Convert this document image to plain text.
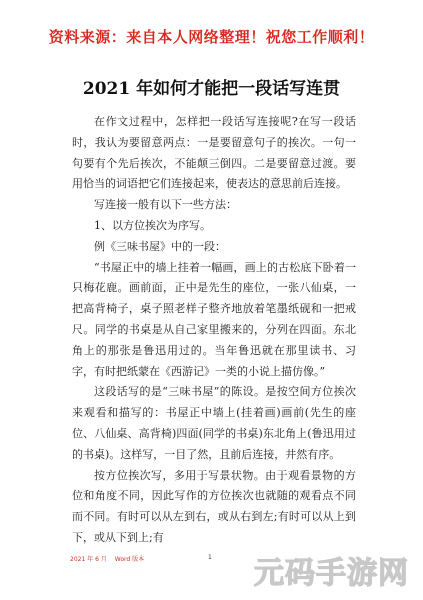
资料来源：来自本人网络整理！祝您工作顺利！
2021 年如何才能把一段话写连贯

在作文过程中，怎样把一段话写连接呢?在写一段话时，我认为要留意两点：一是要留意句子的挨次。一句一句要有个先后挨次，不能颠三倒四。二是要留意过渡。要用恰当的词语把它们连接起来，使表达的意思前后连接。

写连接一般有以下一些方法：

1、以方位挨次为序写。

例《三味书屋》中的一段：

“书屋正中的墙上挂着一幅画，画上的古松底下卧着一只梅花鹿。画前面，正中是先生的座位，一张八仙桌，一把高背椅子，桌子照老样子整齐地放着笔墨纸砚和一把戒尺。同学的书桌是从自己家里搬来的，分列在四面。东北角上的那张是鲁迅用过的。当年鲁迅就在那里读书、习字，有时把纸蒙在《西游记》一类的小说上描仿像。”

这段话写的是“三味书屋”的陈设。是按空间方位挨次来观看和描写的：书屋正中墙上(挂着画)画前(先生的座位、八仙桌、高背椅)四面(同学的书桌)东北角上(鲁迅用过的书桌)。这样写，一目了然，且前后连接，井然有序。

按方位挨次写，多用于写景状物。由于观看景物的方位和角度不同，因此写作的方位挨次也就随的观看点不同而不同。有时可以从左到右，或从右到左;有时可以从上到下，或从下到上;有

2021 年 6 月 Word 版本	1 元码手游网
